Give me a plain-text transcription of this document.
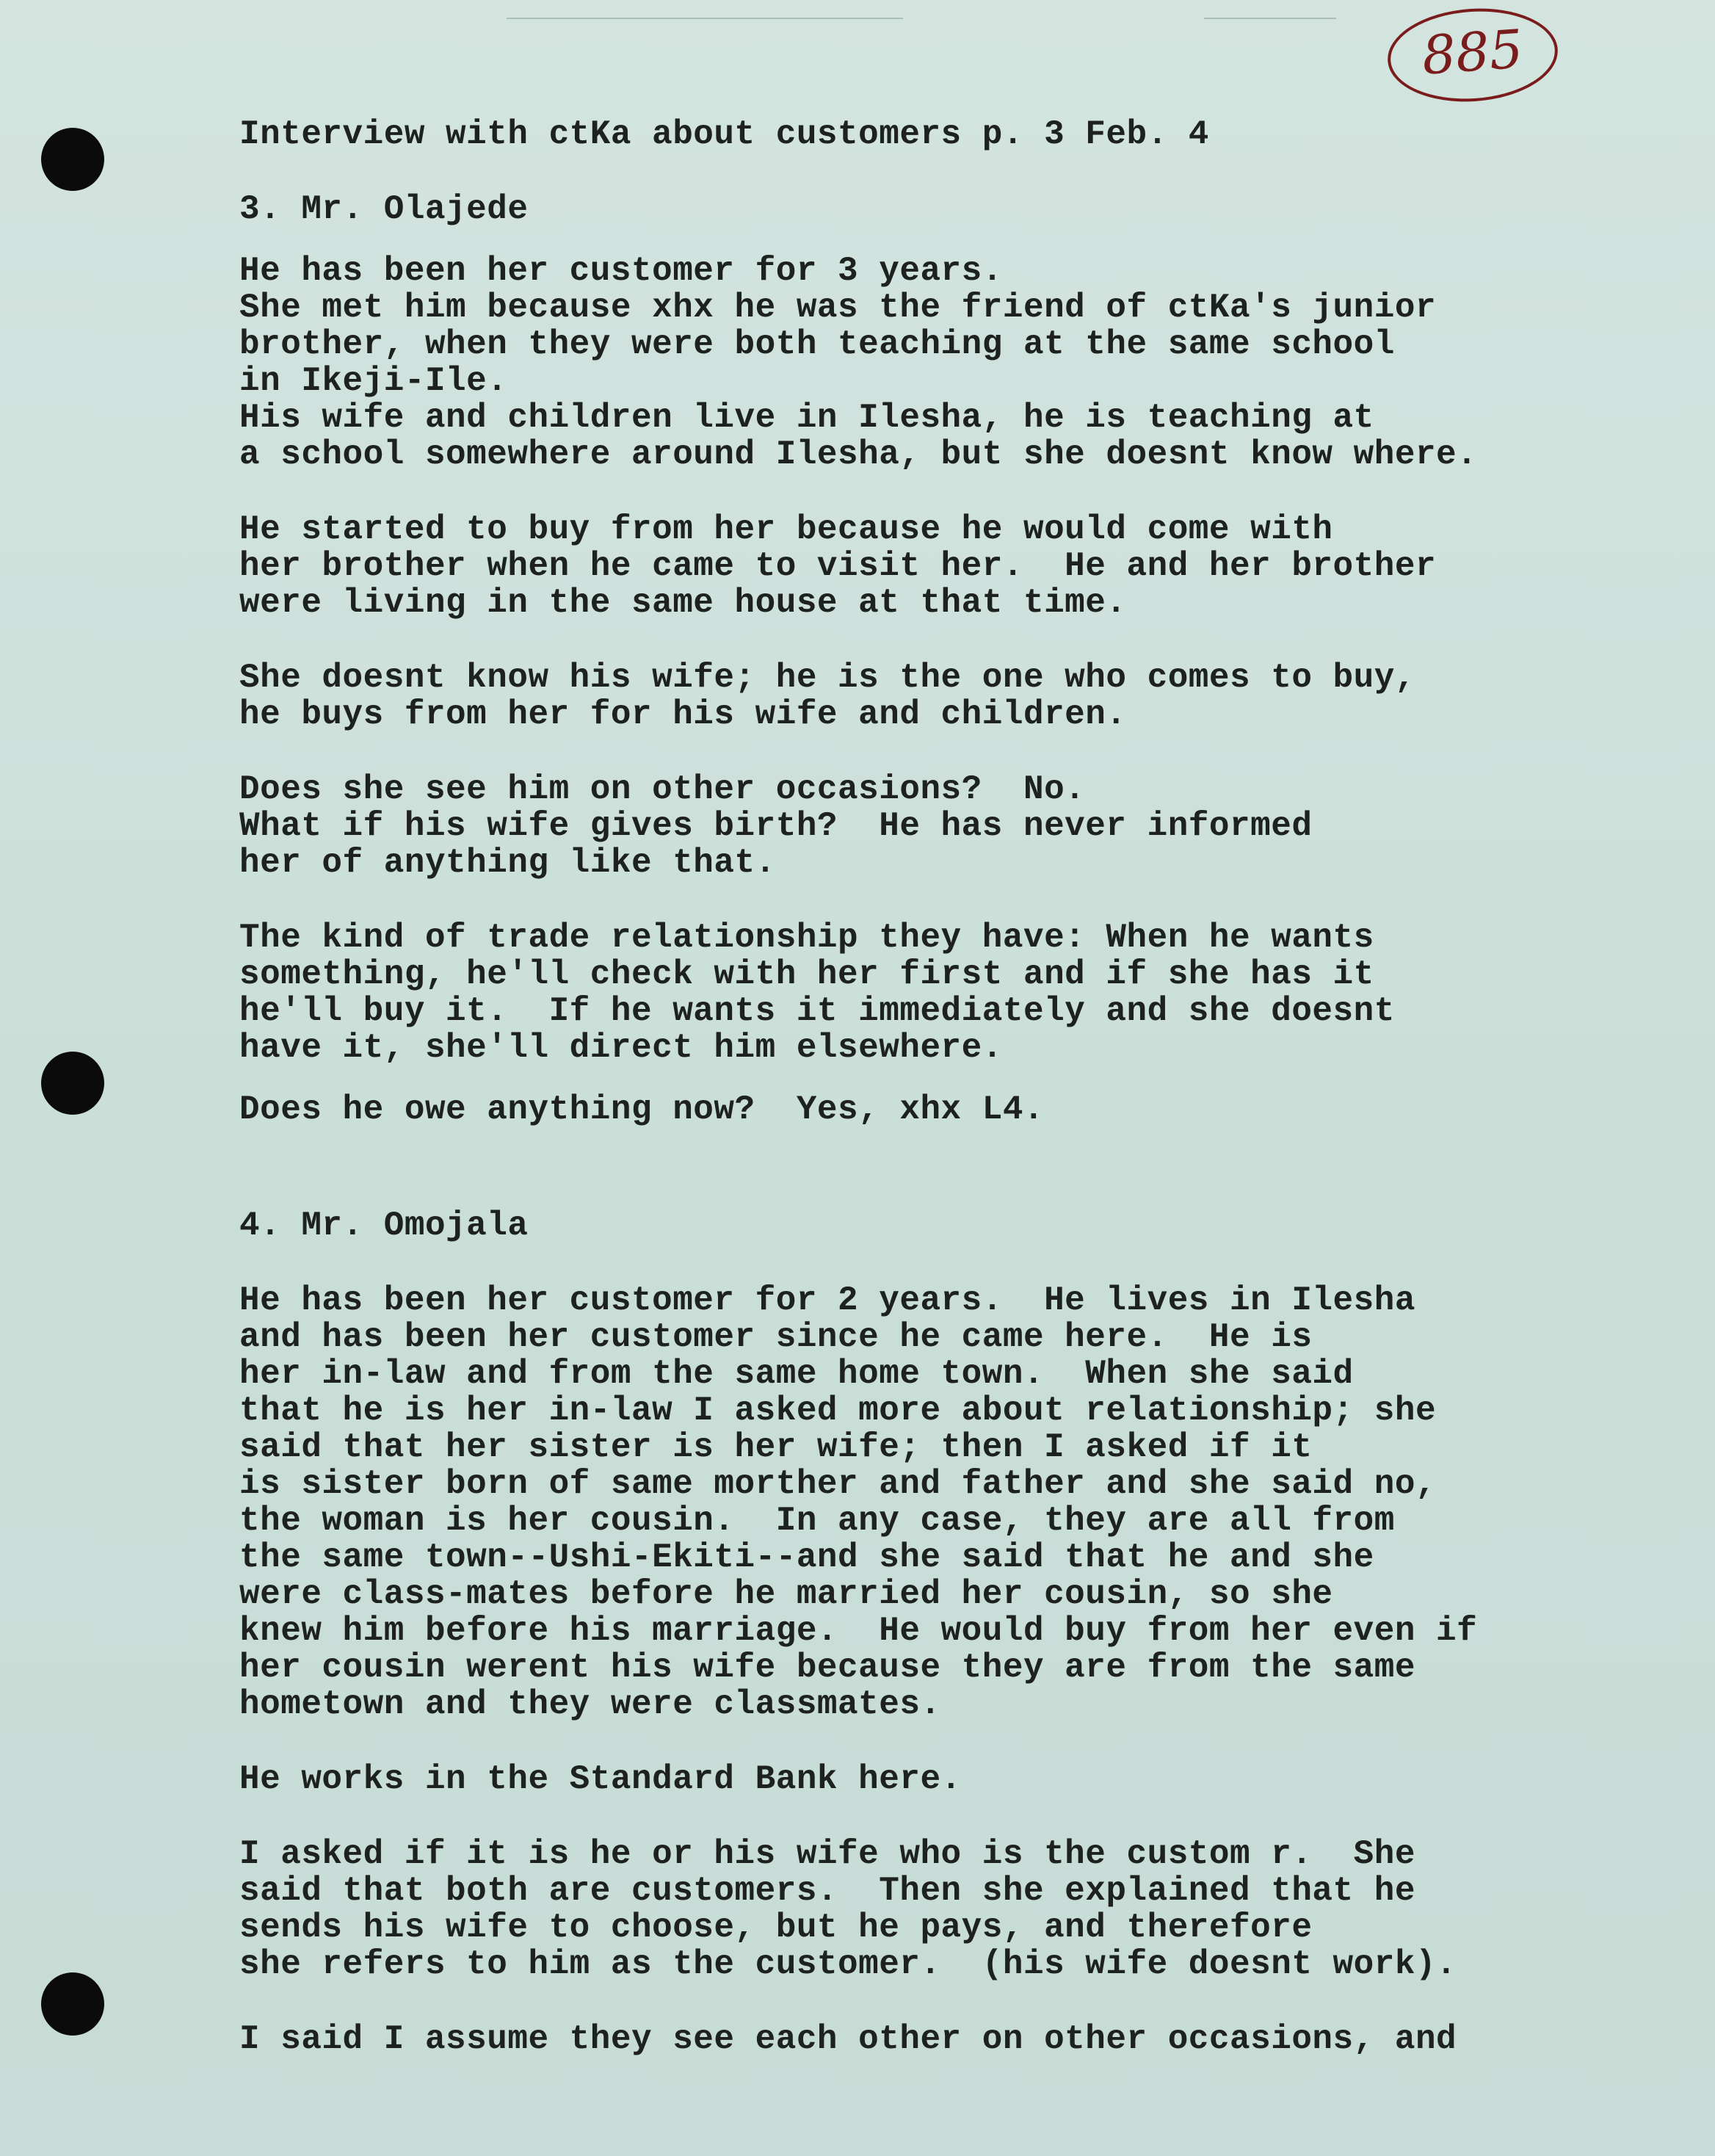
885
Interview with ctKa about customers p. 3 Feb. 4
3. Mr. Olajede
He has been her customer for 3 years.
She met him because xhx he was the friend of ctKa's junior
brother, when they were both teaching at the same school
in Ikeji-Ile.
His wife and children live in Ilesha, he is teaching at
a school somewhere around Ilesha, but she doesnt know where.
He started to buy from her because he would come with
her brother when he came to visit her.  He and her brother
were living in the same house at that time.
She doesnt know his wife; he is the one who comes to buy,
he buys from her for his wife and children.
Does she see him on other occasions?  No.
What if his wife gives birth?  He has never informed
her of anything like that.
The kind of trade relationship they have: When he wants
something, he'll check with her first and if she has it
he'll buy it.  If he wants it immediately and she doesnt
have it, she'll direct him elsewhere.
Does he owe anything now?  Yes, xhx L4.
4. Mr. Omojala
He has been her customer for 2 years.  He lives in Ilesha
and has been her customer since he came here.  He is
her in-law and from the same home town.  When she said
that he is her in-law I asked more about relationship; she
said that her sister is her wife; then I asked if it
is sister born of same morther and father and she said no,
the woman is her cousin.  In any case, they are all from
the same town--Ushi-Ekiti--and she said that he and she
were class-mates before he married her cousin, so she
knew him before his marriage.  He would buy from her even if
her cousin werent his wife because they are from the same
hometown and they were classmates.
He works in the Standard Bank here.
I asked if it is he or his wife who is the custom r.  She
said that both are customers.  Then she explained that he
sends his wife to choose, but he pays, and therefore
she refers to him as the customer.  (his wife doesnt work).
I said I assume they see each other on other occasions, and
